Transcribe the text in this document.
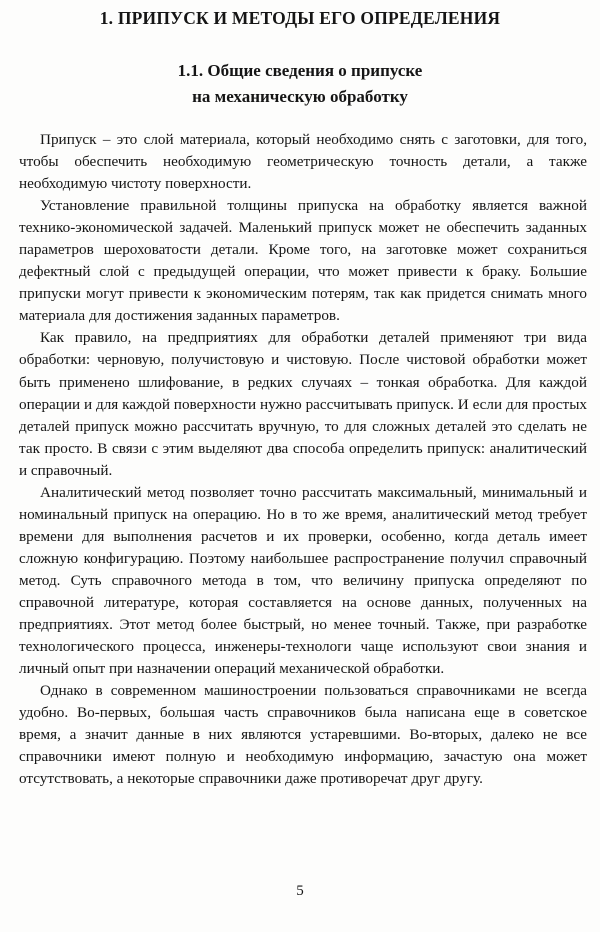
1. ПРИПУСК И МЕТОДЫ ЕГО ОПРЕДЕЛЕНИЯ
1.1. Общие сведения о припуске
на механическую обработку

Припуск – это слой материала, который необходимо снять с заготовки, для того, чтобы обеспечить необходимую геометрическую точность детали, а также необходимую чистоту поверхности.

Установление правильной толщины припуска на обработку является важной технико-экономической задачей. Маленький припуск может не обеспечить заданных параметров шероховатости детали. Кроме того, на заготовке может сохраниться дефектный слой с предыдущей операции, что может привести к браку. Большие припуски могут привести к экономическим потерям, так как придется снимать много материала для достижения заданных параметров.

Как правило, на предприятиях для обработки деталей применяют три вида обработки: черновую, получистовую и чистовую. После чистовой обработки может быть применено шлифование, в редких случаях – тонкая обработка. Для каждой операции и для каждой поверхности нужно рассчитывать припуск. И если для простых деталей припуск можно рассчитать вручную, то для сложных деталей это сделать не так просто. В связи с этим выделяют два способа определить припуск: аналитический и справочный.

Аналитический метод позволяет точно рассчитать максимальный, минимальный и номинальный припуск на операцию. Но в то же время, аналитический метод требует времени для выполнения расчетов и их проверки, особенно, когда деталь имеет сложную конфигурацию. Поэтому наибольшее распространение получил справочный метод. Суть справочного метода в том, что величину припуска определяют по справочной литературе, которая составляется на основе данных, полученных на предприятиях. Этот метод более быстрый, но менее точный. Также, при разработке технологического процесса, инженеры-технологи чаще используют свои знания и личный опыт при назначении операций механической обработки.

Однако в современном машиностроении пользоваться справочниками не всегда удобно. Во-первых, большая часть справочников была написана еще в советское время, а значит данные в них являются устаревшими. Во-вторых, далеко не все справочники имеют полную и необходимую информацию, зачастую она может отсутствовать, а некоторые справочники даже противоречат друг другу.

5
